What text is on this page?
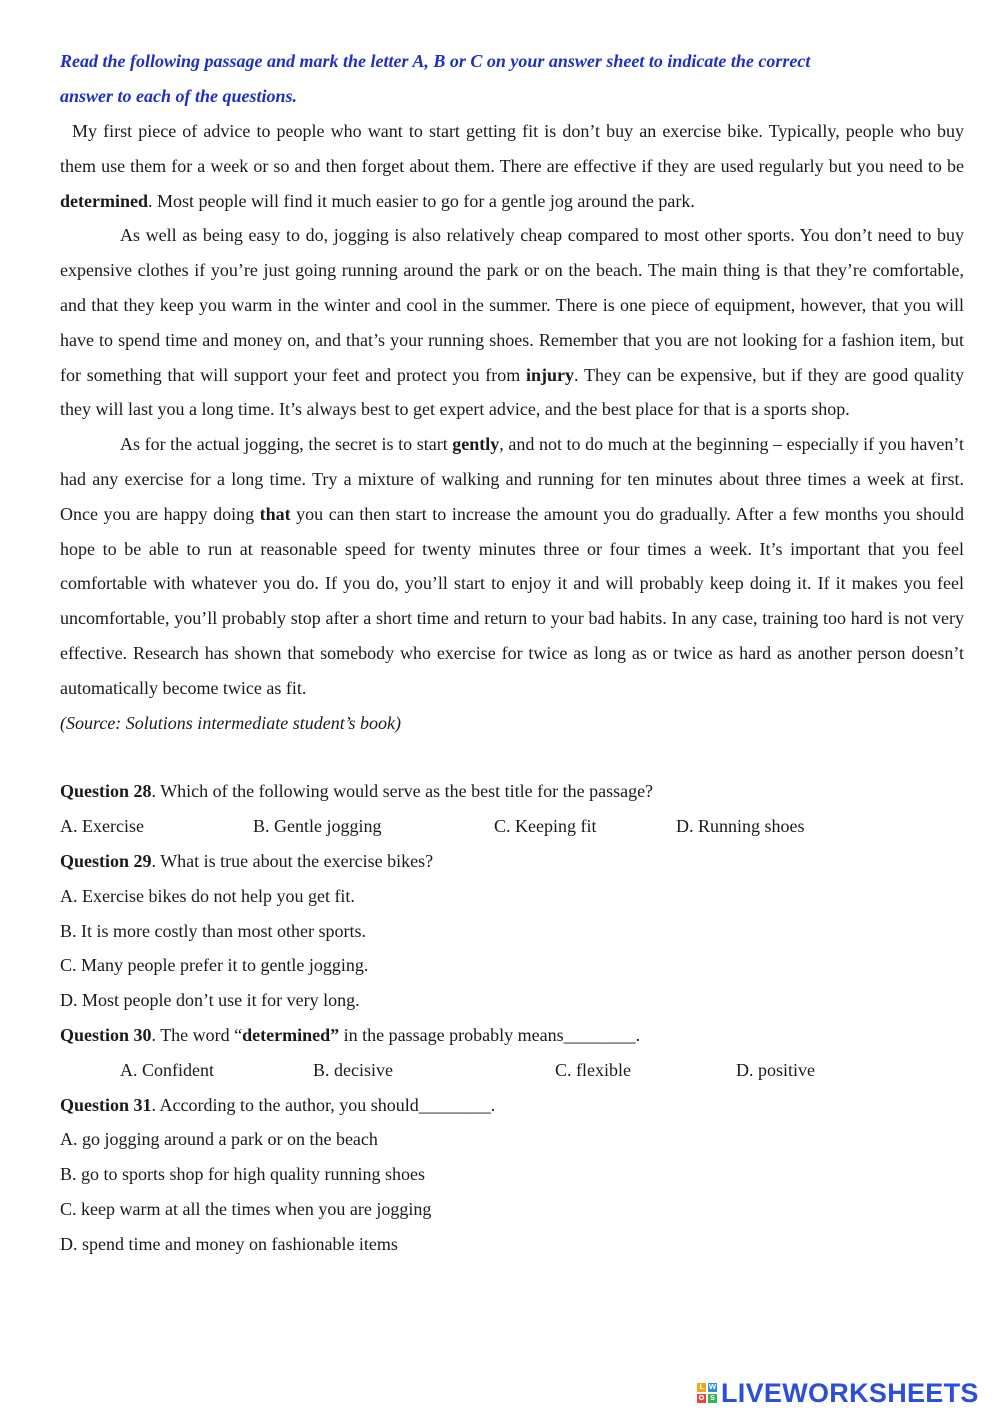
Read the following passage and mark the letter A, B or C on your answer sheet to indicate the correct
answer to each of the questions.

My first piece of advice to people who want to start getting fit is don’t buy an exercise bike. Typically, people who buy them use them for a week or so and then forget about them. There are effective if they are used regularly but you need to be determined. Most people will find it much easier to go for a gentle jog around the park.

As well as being easy to do, jogging is also relatively cheap compared to most other sports. You don’t need to buy expensive clothes if you’re just going running around the park or on the beach. The main thing is that they’re comfortable, and that they keep you warm in the winter and cool in the summer. There is one piece of equipment, however, that you will have to spend time and money on, and that’s your running shoes. Remember that you are not looking for a fashion item, but for something that will support your feet and protect you from injury. They can be expensive, but if they are good quality they will last you a long time. It’s always best to get expert advice, and the best place for that is a sports shop.

As for the actual jogging, the secret is to start gently, and not to do much at the beginning – especially if you haven’t had any exercise for a long time. Try a mixture of walking and running for ten minutes about three times a week at first. Once you are happy doing that you can then start to increase the amount you do gradually. After a few months you should hope to be able to run at reasonable speed for twenty minutes three or four times a week. It’s important that you feel comfortable with whatever you do. If you do, you’ll start to enjoy it and will probably keep doing it. If it makes you feel uncomfortable, you’ll probably stop after a short time and return to your bad habits. In any case, training too hard is not very effective. Research has shown that somebody who exercise for twice as long as or twice as hard as another person doesn’t automatically become twice as fit.

(Source: Solutions intermediate student’s book)

Question 28. Which of the following would serve as the best title for the passage?

A. Exercise	B. Gentle jogging	C. Keeping fit	D. Running shoes

Question 29. What is true about the exercise bikes?

A. Exercise bikes do not help you get fit.

B. It is more costly than most other sports.

C. Many people prefer it to gentle jogging.

D. Most people don’t use it for very long.

Question 30. The word “determined” in the passage probably means________.

A. Confident	B. decisive	C. flexible	D. positive

Question 31. According to the author, you should________.

A. go jogging around a park or on the beach

B. go to sports shop for high quality running shoes

C. keep warm at all the times when you are jogging

D. spend time and money on fashionable items

L W
O S LIVEWORKSHEETS
